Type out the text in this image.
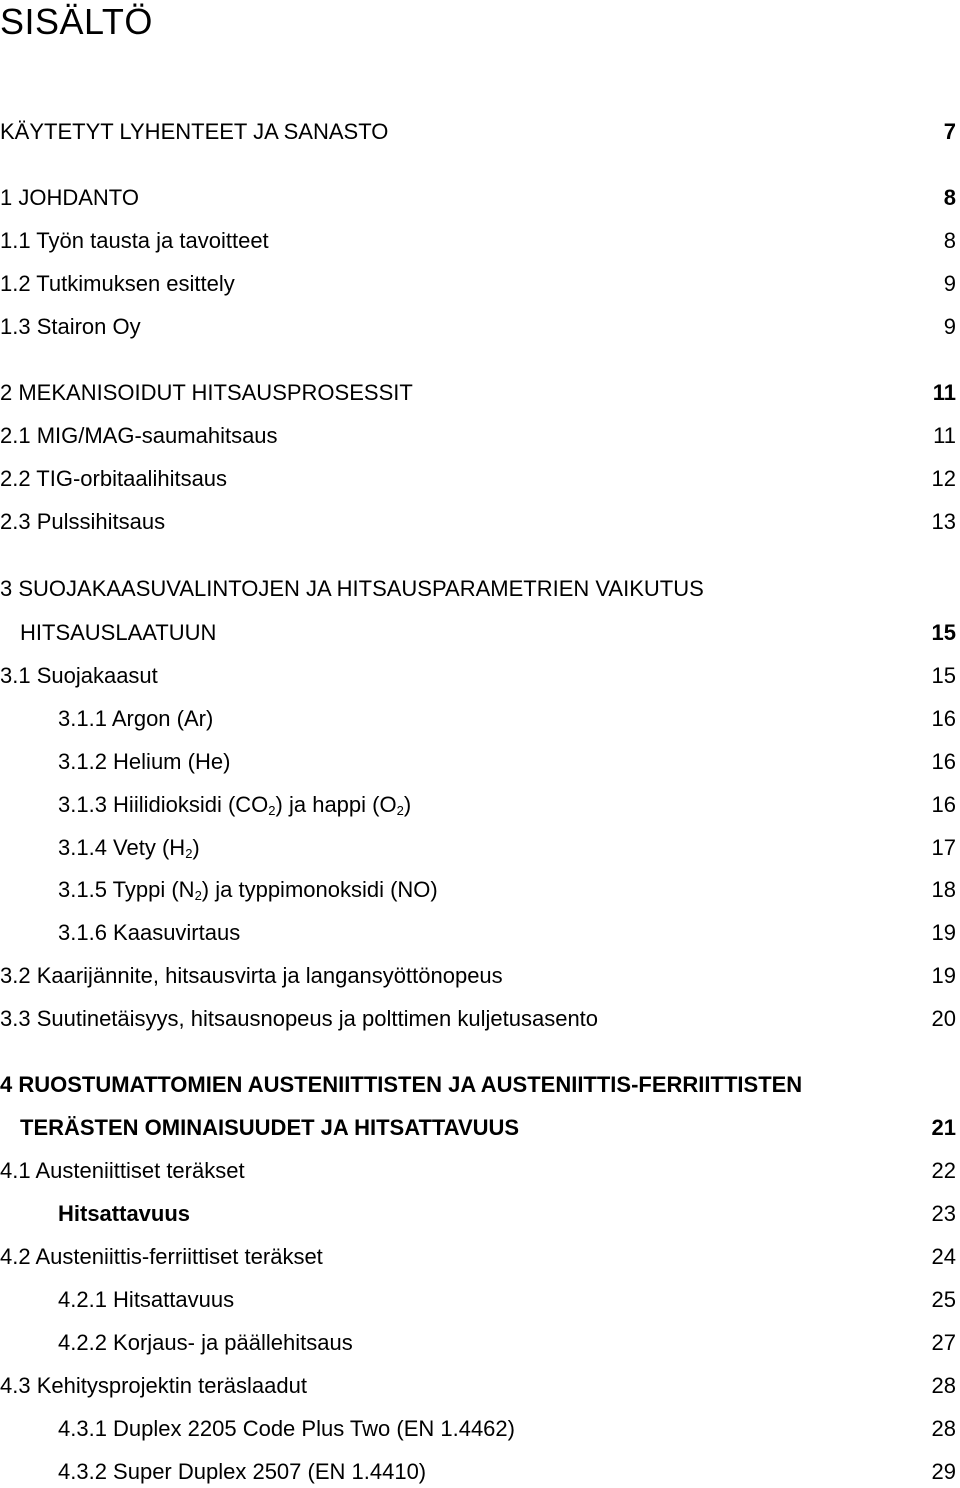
SISÄLTÖ
KÄYTETYT LYHENTEET JA SANASTO	7
1 JOHDANTO	8
1.1 Työn tausta ja tavoitteet	8
1.2 Tutkimuksen esittely	9
1.3 Stairon Oy	9
2 MEKANISOIDUT HITSAUSPROSESSIT	11
2.1 MIG/MAG-saumahitsaus	11
2.2 TIG-orbitaalihitsaus	12
2.3 Pulssihitsaus	13
3 SUOJAKAASUVALINTOJEN JA HITSAUSPARAMETRIEN VAIKUTUS
HITSAUSLAATUUN	15
3.1 Suojakaasut	15
3.1.1 Argon (Ar)	16
3.1.2 Helium (He)	16
3.1.3 Hiilidioksidi $(CO_2)$ ja happi $(O_2)$	16
3.1.4 Vety $(H_2)$	17
3.1.5 Typpi $(N_2)$ ja typpimonoksidi (NO)	18
3.1.6 Kaasuvirtaus	19
3.2 Kaarijännite, hitsausvirta ja langansyöttönopeus	19
3.3 Suutinetäisyys, hitsausnopeus ja polttimen kuljetusasento	20
4 RUOSTUMATTOMIEN AUSTENIITTISTEN JA AUSTENIITTIS-FERRIITTISTEN
TERÄSTEN OMINAISUUDET JA HITSATTAVUUS	21
4.1 Austeniittiset teräkset	22
Hitsattavuus	23
4.2 Austeniittis-ferriittiset teräkset	24
4.2.1 Hitsattavuus	25
4.2.2 Korjaus- ja päällehitsaus	27
4.3 Kehitysprojektin teräslaadut	28
4.3.1 Duplex 2205 Code Plus Two (EN 1.4462)	28
4.3.2 Super Duplex 2507 (EN 1.4410)	29
